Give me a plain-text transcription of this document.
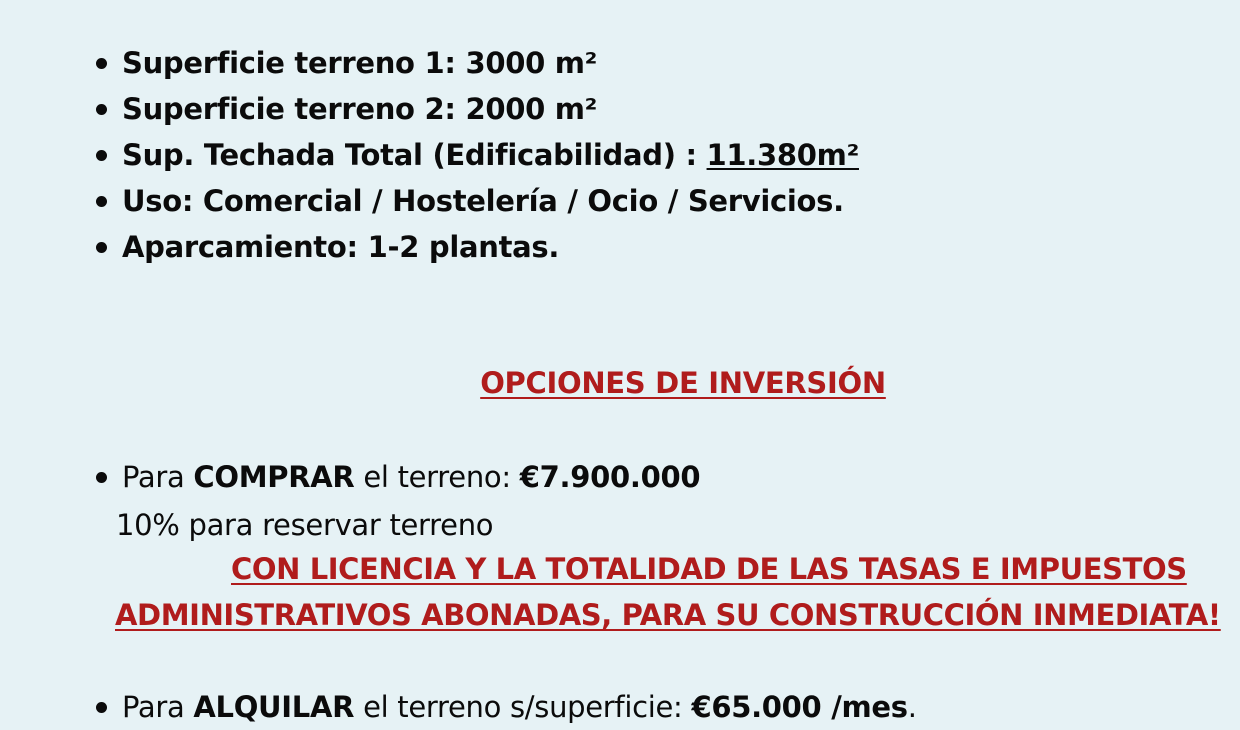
Superficie terreno 1: 3000 m²
Superficie terreno 2: 2000 m²
Sup. Techada Total (Edificabilidad) : 11.380m²
Uso: Comercial / Hostelería / Ocio / Servicios.
Aparcamiento: 1-2 plantas.
OPCIONES DE INVERSIÓN
Para COMPRAR el terreno: €7.900.000
10% para reservar terreno
CON LICENCIA Y LA TOTALIDAD DE LAS TASAS E IMPUESTOS
ADMINISTRATIVOS ABONADAS, PARA SU CONSTRUCCIÓN INMEDIATA!
Para ALQUILAR el terreno s/superficie: €65.000 /mes.
